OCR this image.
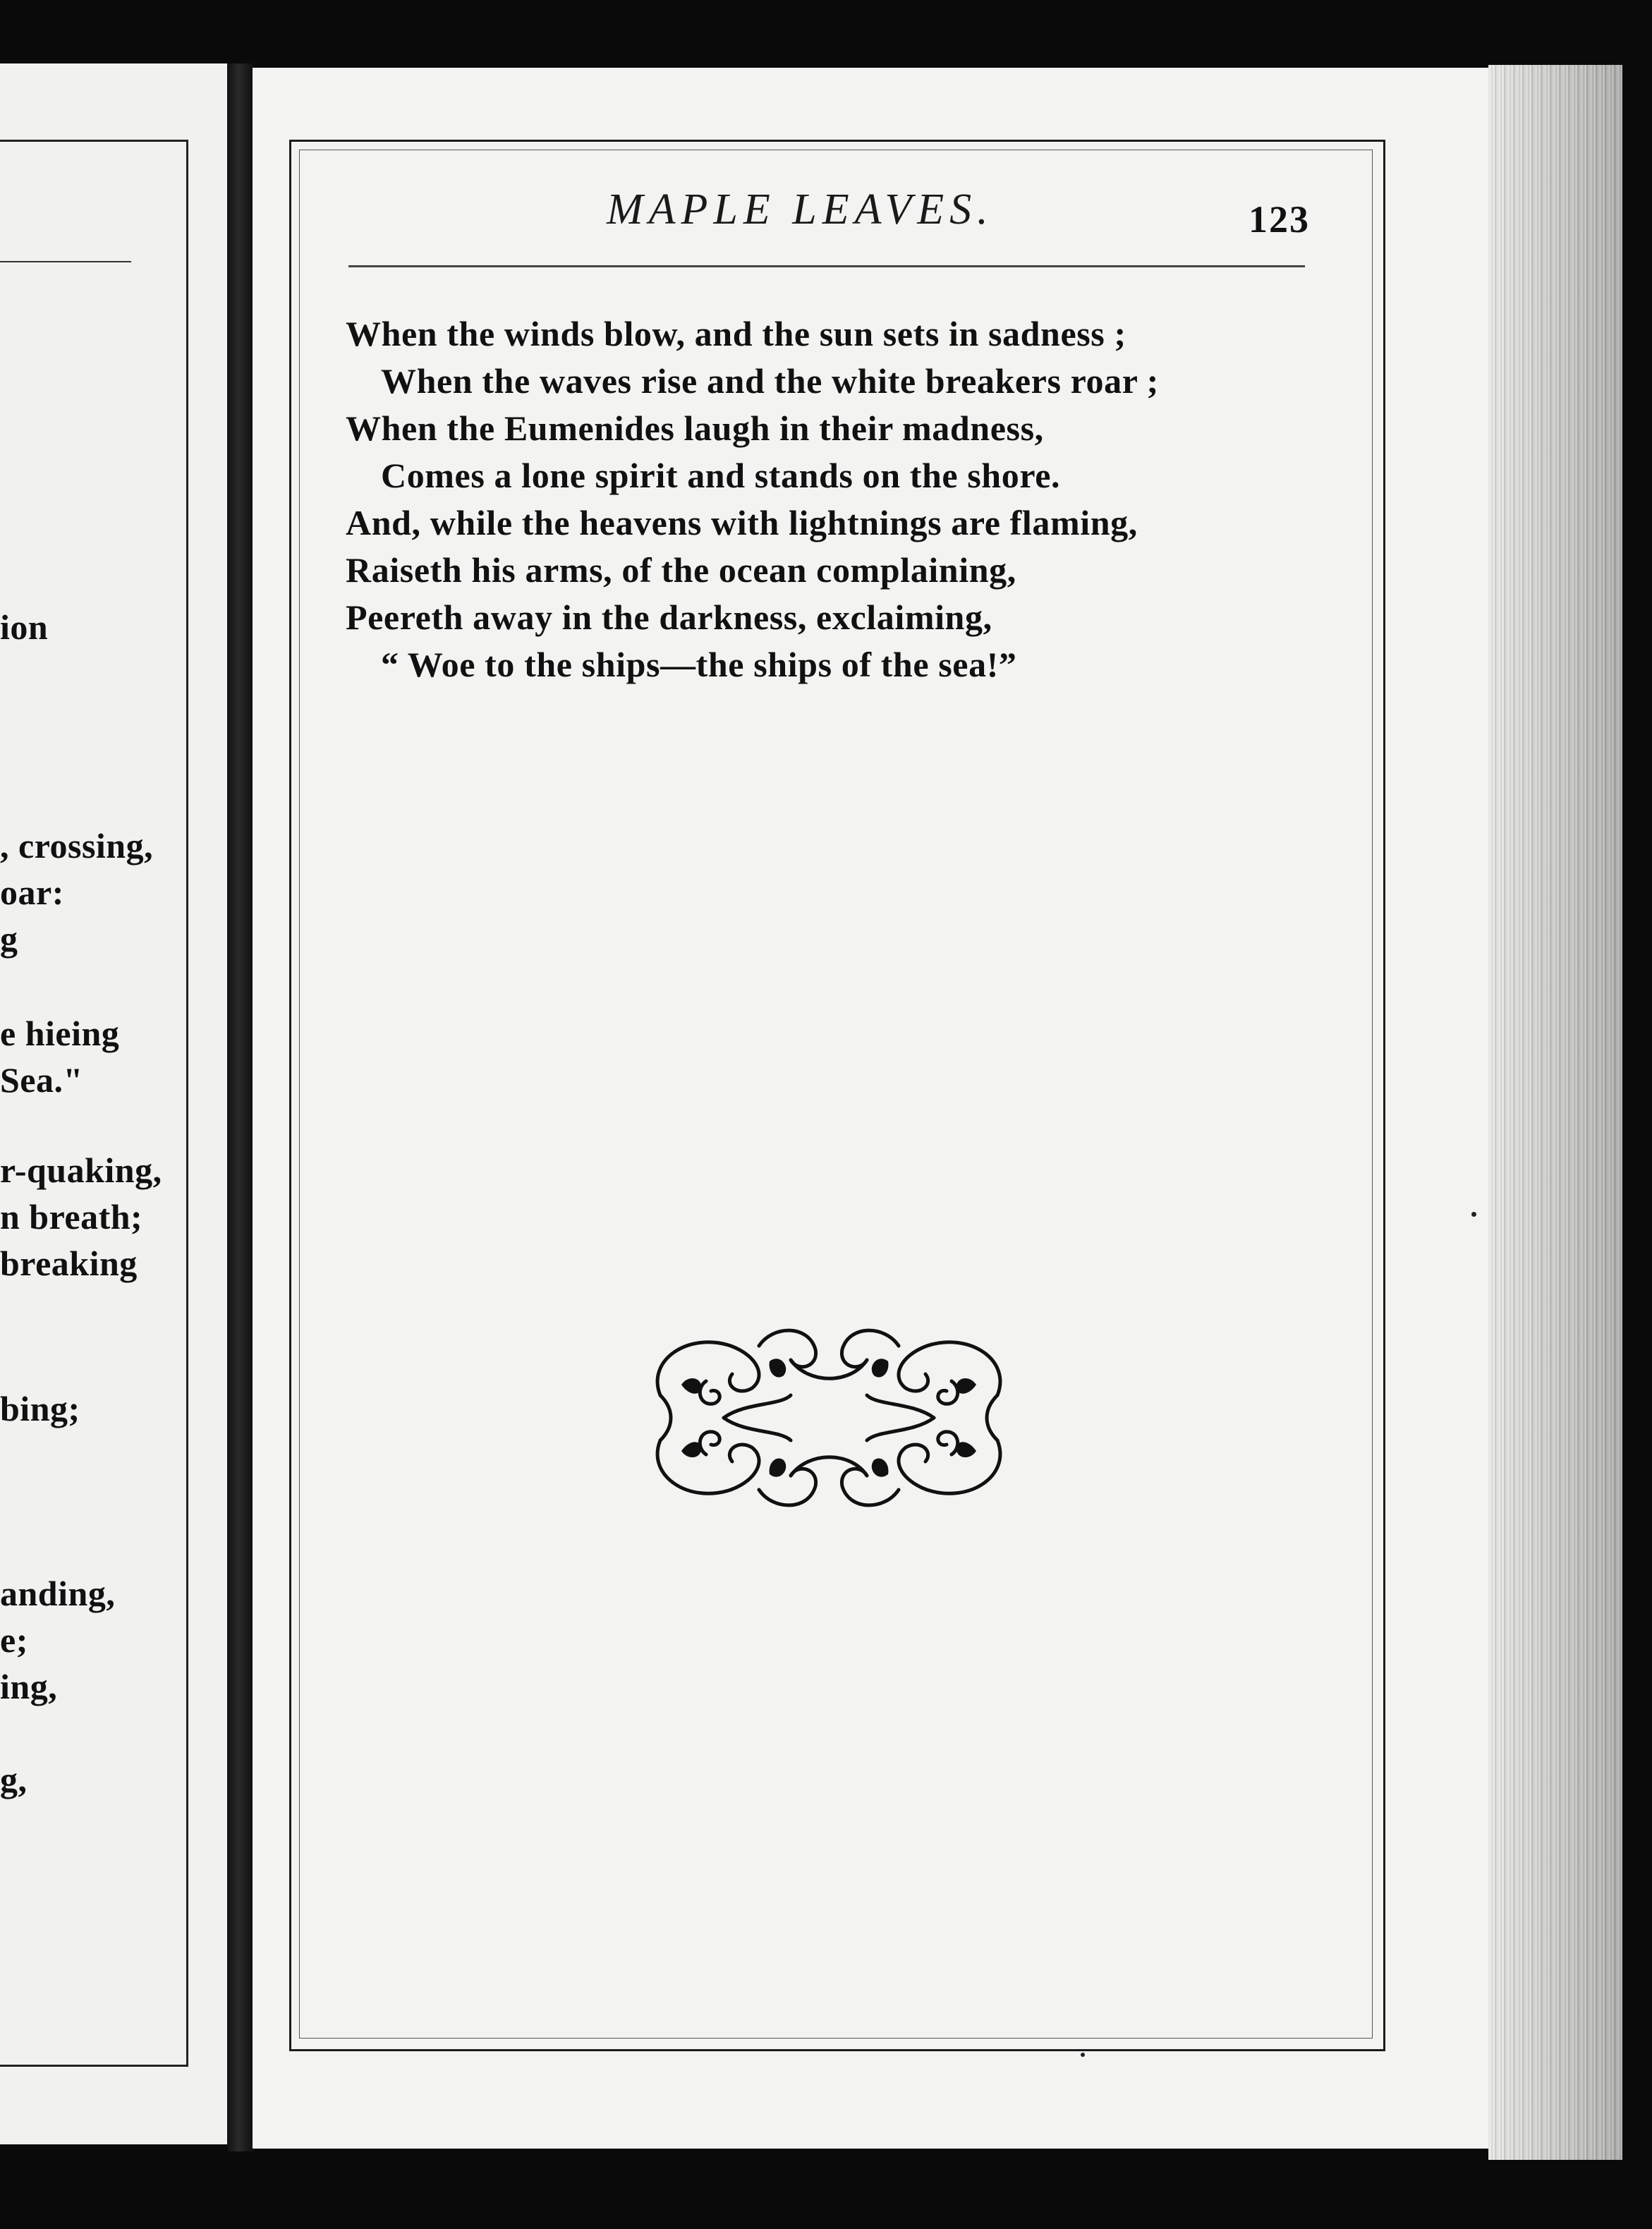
ion
, crossing,
oar:
g
e hieing
Sea."
r-quaking,
n breath;
breaking
bing;
anding,
e;
ing,
g,
MAPLE LEAVES.	123
When the winds blow, and the sun sets in sadness ;
When the waves rise and the white breakers roar ;
When the Eumenides laugh in their madness,
Comes a lone spirit and stands on the shore.
And, while the heavens with lightnings are flaming,
Raiseth his arms, of the ocean complaining,
Peereth away in the darkness, exclaiming,
“ Woe to the ships—the ships of the sea!”
